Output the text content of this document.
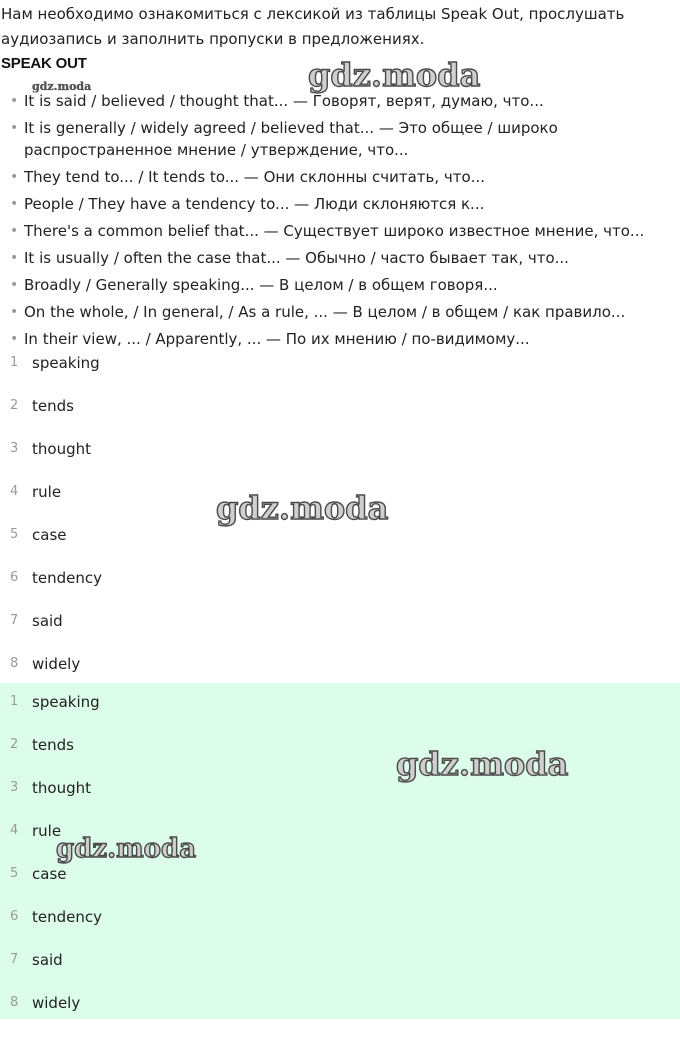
Нам необходимо ознакомиться с лексикой из таблицы Speak Out, прослушать аудиозапись и заполнить пропуски в предложениях.
SPEAK OUT
• It is said / believed / thought that... — Говорят, верят, думаю, что...
• It is generally / widely agreed / believed that... — Это общее / широко распространенное мнение / утверждение, что...
• They tend to... / It tends to... — Они склонны считать, что...
• People / They have a tendency to... — Люди склоняются к...
• There's a common belief that... — Существует широко известное мнение, что...
• It is usually / often the case that... — Обычно / часто бывает так, что...
• Broadly / Generally speaking... — В целом / в общем говоря...
• On the whole, / In general, / As a rule, ... — В целом / в общем / как правило...
• In their view, ... / Apparently, ... — По их мнению / по-видимому...
1 speaking
2 tends
3 thought
4 rule
5 case
6 tendency
7 said
8 widely
1 speaking
2 tends
3 thought
4 rule
5 case
6 tendency
7 said
8 widely
gdz.moda
gdz.moda
gdz.moda
gdz.moda
gdz.moda
